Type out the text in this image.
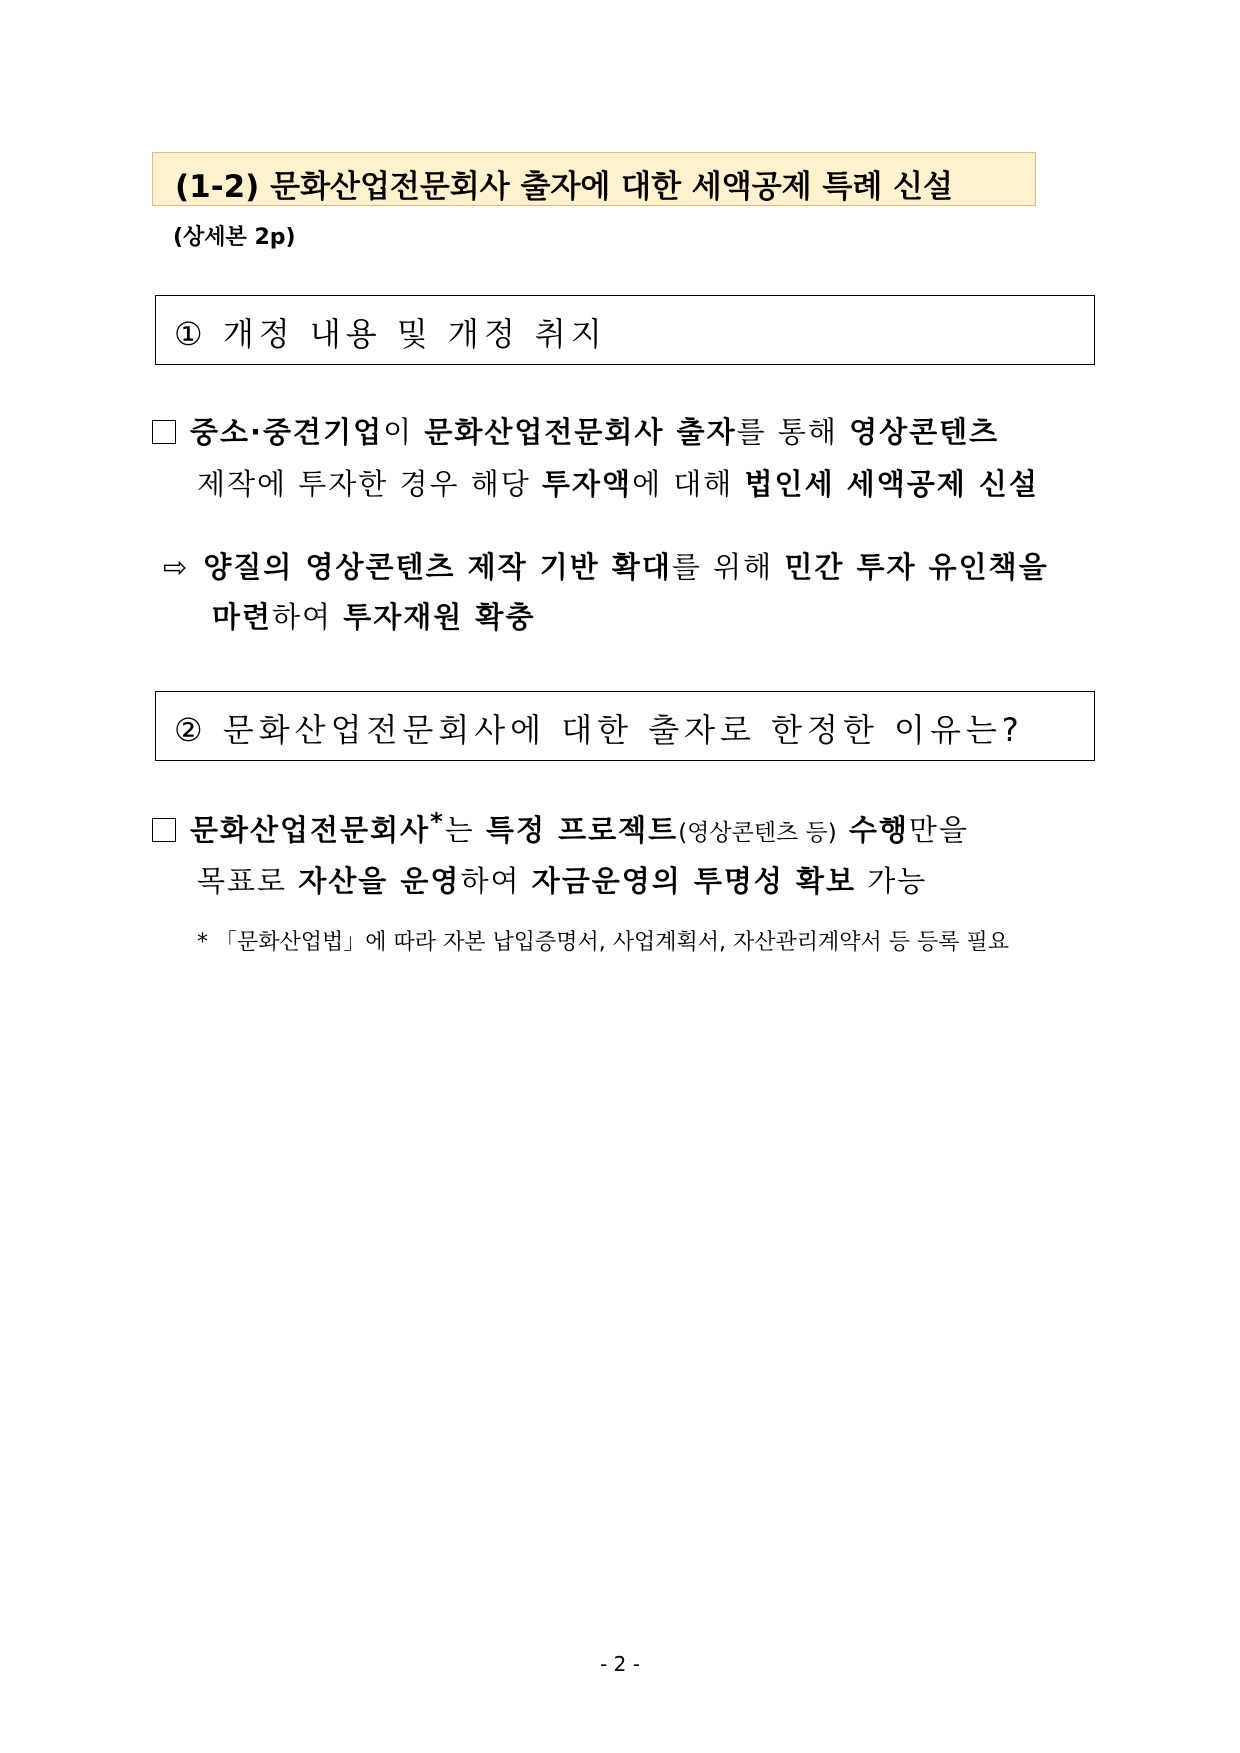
(1-2) 문화산업전문회사 출자에 대한 세액공제 특례 신설
(상세본 2p)
① 개정 내용 및 개정 취지
중소·중견기업이 문화산업전문회사 출자를 통해 영상콘텐츠
제작에 투자한 경우 해당 투자액에 대해 법인세 세액공제 신설
⇨ 양질의 영상콘텐츠 제작 기반 확대를 위해 민간 투자 유인책을
마련하여 투자재원 확충
② 문화산업전문회사에 대한 출자로 한정한 이유는?
문화산업전문회사*는 특정 프로젝트(영상콘텐츠 등) 수행만을
목표로 자산을 운영하여 자금운영의 투명성 확보 가능
* 「문화산업법」에 따라 자본 납입증명서, 사업계획서, 자산관리계약서 등 등록 필요
- 2 -
